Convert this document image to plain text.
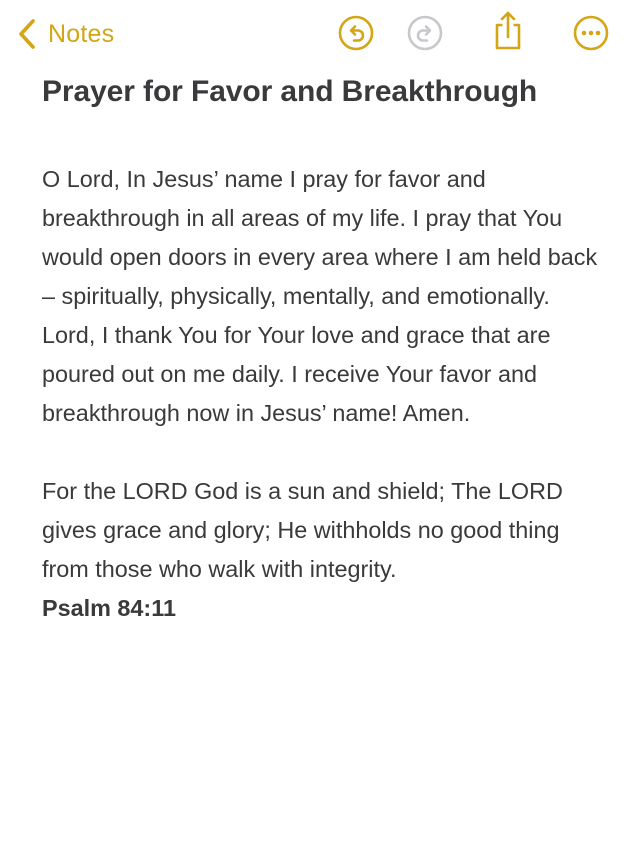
Notes
Prayer for Favor and Breakthrough

O Lord, In Jesus’ name I pray for favor and breakthrough in all areas of my life. I pray that You would open doors in every area where I am held back – spiritually, physically, mentally, and emotionally. Lord, I thank You for Your love and grace that are poured out on me daily. I receive Your favor and breakthrough now in Jesus’ name! Amen.

For the LORD God is a sun and shield; The LORD gives grace and glory; He withholds no good thing from those who walk with integrity.

Psalm 84:11
